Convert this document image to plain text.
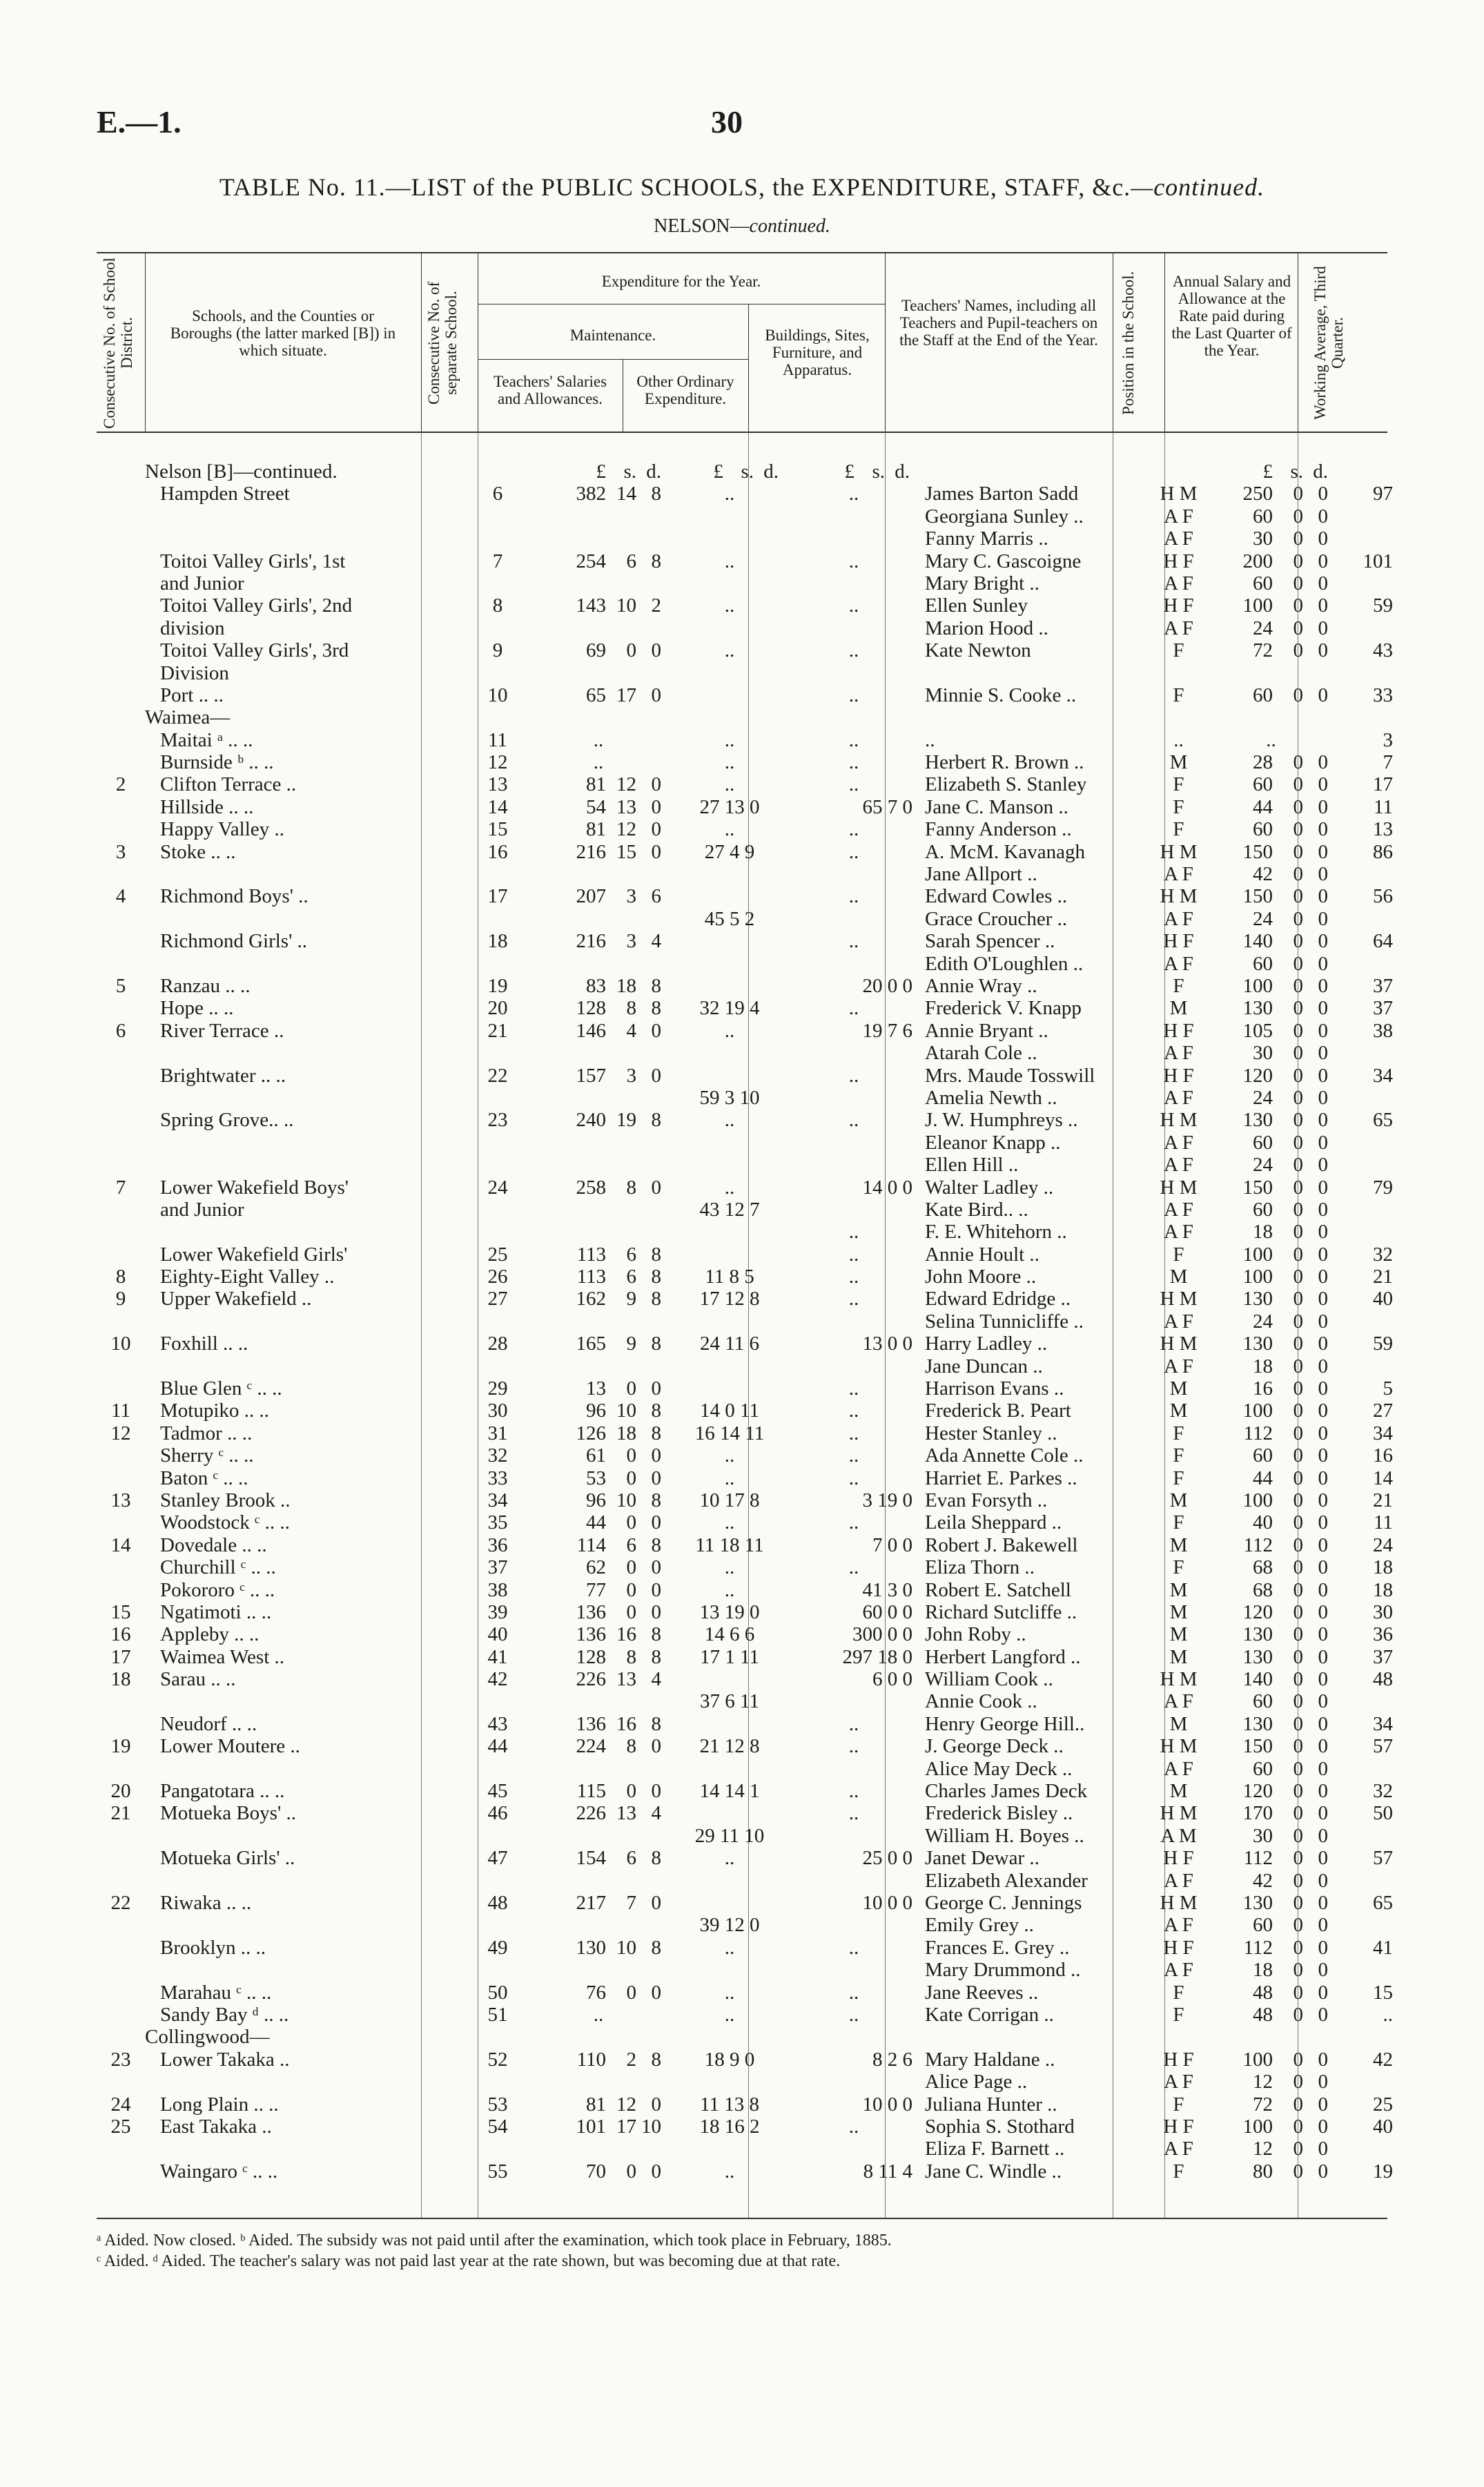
E.—1.	30
TABLE No. 11.—LIST of the PUBLIC SCHOOLS, the EXPENDITURE, STAFF, &c.—continued.
NELSON—continued.
Consecutive No. of School District.
Schools, and the Counties or Boroughs (the latter marked [B]) in which situate.	Consecutive No. of separate School.
Expenditure for the Year.
Maintenance.
Teachers' Salaries and Allowances.
Other Ordinary Expenditure.
Buildings, Sites, Furniture, and Apparatus.
Teachers' Names, including all Teachers and Pupil-teachers on the Staff at the End of the Year.	Position in the School.	Annual Salary and Allowance at the Rate paid during the Last Quarter of the Year.	Working Average, Third Quarter.
	Nelson [B]—continued.		£ s. d.	£ s. d.	£ s. d.			£ s. d.	

	Hampden Street	6	382 14 8	..	..	James Barton Sadd	H M	250 0 0	97

					Georgiana Sunley ..	A F	60 0 0	

					Fanny Marris ..	A F	30 0 0	

	Toitoi Valley Girls', 1st	7	254 6 8	..	..	Mary C. Gascoigne	H F	200 0 0	101

	and Junior					Mary Bright ..	A F	60 0 0	

	Toitoi Valley Girls', 2nd	8	143 10 2	..	..	Ellen Sunley	H F	100 0 0	59

	division					Marion Hood ..	A F	24 0 0	

	Toitoi Valley Girls', 3rd	9	69 0 0	..	..	Kate Newton	F	72 0 0	43

	Division								

	Port .. ..	10	65 17 0		..	Minnie S. Cooke ..	F	60 0 0	33
	Waimea—								

	Maitai ᵃ .. ..	11	..	..	..	..	..	..	3

	Burnside ᵇ .. ..	12	..	..	..	Herbert R. Brown ..	M	28 0 0	7
2	Clifton Terrace ..	13	81 12 0	..	..	Elizabeth S. Stanley	F	60 0 0	17

	Hillside .. ..	14	54 13 0	27 13 0	65 7 0	Jane C. Manson ..	F	44 0 0	11

	Happy Valley ..	15	81 12 0	..	..	Fanny Anderson ..	F	60 0 0	13
3	Stoke .. ..	16	216 15 0	27 4 9	..	A. McM. Kavanagh	H M	150 0 0	86

					Jane Allport ..	A F	42 0 0	

4	Richmond Boys' ..	17	207 3 6		..	Edward Cowles ..	H M	150 0 0	56

			45 5 2		Grace Croucher ..	A F	24 0 0	

	Richmond Girls' ..	18	216 3 4		..	Sarah Spencer ..	H F	140 0 0	64

					Edith O'Loughlen ..	A F	60 0 0	

5	Ranzau .. ..	19	83 18 8		20 0 0	Annie Wray ..	F	100 0 0	37

	Hope .. ..	20	128 8 8	32 19 4	..	Frederick V. Knapp	M	130 0 0	37
6	River Terrace ..	21	146 4 0	..	19 7 6	Annie Bryant ..	H F	105 0 0	38

					Atarah Cole ..	A F	30 0 0	

	Brightwater .. ..	22	157 3 0		..	Mrs. Maude Tosswill	H F	120 0 0	34

			59 3 10		Amelia Newth ..	A F	24 0 0	

	Spring Grove.. ..	23	240 19 8	..	..	J. W. Humphreys ..	H M	130 0 0	65

					Eleanor Knapp ..	A F	60 0 0	

					Ellen Hill ..	A F	24 0 0	

7	Lower Wakefield Boys'	24	258 8 0	..	14 0 0	Walter Ladley ..	H M	150 0 0	79

	and Junior			43 12 7		Kate Bird.. ..	A F	60 0 0	

				..	F. E. Whitehorn ..	A F	18 0 0	

	Lower Wakefield Girls'	25	113 6 8		..	Annie Hoult ..	F	100 0 0	32
8	Eighty-Eight Valley ..	26	113 6 8	11 8 5	..	John Moore ..	M	100 0 0	21
9	Upper Wakefield ..	27	162 9 8	17 12 8	..	Edward Edridge ..	H M	130 0 0	40

					Selina Tunnicliffe ..	A F	24 0 0	

10	Foxhill .. ..	28	165 9 8	24 11 6	13 0 0	Harry Ladley ..	H M	130 0 0	59

					Jane Duncan ..	A F	18 0 0	

	Blue Glen ᶜ .. ..	29	13 0 0		..	Harrison Evans ..	M	16 0 0	5
11	Motupiko .. ..	30	96 10 8	14 0 11	..	Frederick B. Peart	M	100 0 0	27
12	Tadmor .. ..	31	126 18 8	16 14 11	..	Hester Stanley ..	F	112 0 0	34

	Sherry ᶜ .. ..	32	61 0 0	..	..	Ada Annette Cole ..	F	60 0 0	16

	Baton ᶜ .. ..	33	53 0 0	..	..	Harriet E. Parkes ..	F	44 0 0	14
13	Stanley Brook ..	34	96 10 8	10 17 8	3 19 0	Evan Forsyth ..	M	100 0 0	21

	Woodstock ᶜ .. ..	35	44 0 0	..	..	Leila Sheppard ..	F	40 0 0	11
14	Dovedale .. ..	36	114 6 8	11 18 11	7 0 0	Robert J. Bakewell	M	112 0 0	24

	Churchill ᶜ .. ..	37	62 0 0	..	..	Eliza Thorn ..	F	68 0 0	18

	Pokororo ᶜ .. ..	38	77 0 0	..	41 3 0	Robert E. Satchell	M	68 0 0	18
15	Ngatimoti .. ..	39	136 0 0	13 19 0	60 0 0	Richard Sutcliffe ..	M	120 0 0	30
16	Appleby .. ..	40	136 16 8	14 6 6	300 0 0	John Roby ..	M	130 0 0	36
17	Waimea West ..	41	128 8 8	17 1 11	297 18 0	Herbert Langford ..	M	130 0 0	37
18	Sarau .. ..	42	226 13 4		6 0 0	William Cook ..	H M	140 0 0	48

			37 6 11		Annie Cook ..	A F	60 0 0	

	Neudorf .. ..	43	136 16 8		..	Henry George Hill..	M	130 0 0	34
19	Lower Moutere ..	44	224 8 0	21 12 8	..	J. George Deck ..	H M	150 0 0	57

					Alice May Deck ..	A F	60 0 0	

20	Pangatotara .. ..	45	115 0 0	14 14 1	..	Charles James Deck	M	120 0 0	32
21	Motueka Boys' ..	46	226 13 4		..	Frederick Bisley ..	H M	170 0 0	50

			29 11 10		William H. Boyes ..	A M	30 0 0	

	Motueka Girls' ..	47	154 6 8	..	25 0 0	Janet Dewar ..	H F	112 0 0	57

					Elizabeth Alexander	A F	42 0 0	

22	Riwaka .. ..	48	217 7 0		10 0 0	George C. Jennings	H M	130 0 0	65

			39 12 0		Emily Grey ..	A F	60 0 0	

	Brooklyn .. ..	49	130 10 8	..	..	Frances E. Grey ..	H F	112 0 0	41

					Mary Drummond ..	A F	18 0 0	

	Marahau ᶜ .. ..	50	76 0 0	..	..	Jane Reeves ..	F	48 0 0	15

	Sandy Bay ᵈ .. ..	51	..	..	..	Kate Corrigan ..	F	48 0 0	..
	Collingwood—								
23	Lower Takaka ..	52	110 2 8	18 9 0	8 2 6	Mary Haldane ..	H F	100 0 0	42

					Alice Page ..	A F	12 0 0	

24	Long Plain .. ..	53	81 12 0	11 13 8	10 0 0	Juliana Hunter ..	F	72 0 0	25
25	East Takaka ..	54	101 17 10	18 16 2	..	Sophia S. Stothard	H F	100 0 0	40

					Eliza F. Barnett ..	A F	12 0 0	

	Waingaro ᶜ .. ..	55	70 0 0	..	8 11 4	Jane C. Windle ..	F	80 0 0	19
ᵃ Aided. Now closed. ᵇ Aided. The subsidy was not paid until after the examination, which took place in February, 1885.
ᶜ Aided. ᵈ Aided. The teacher's salary was not paid last year at the rate shown, but was becoming due at that rate.
